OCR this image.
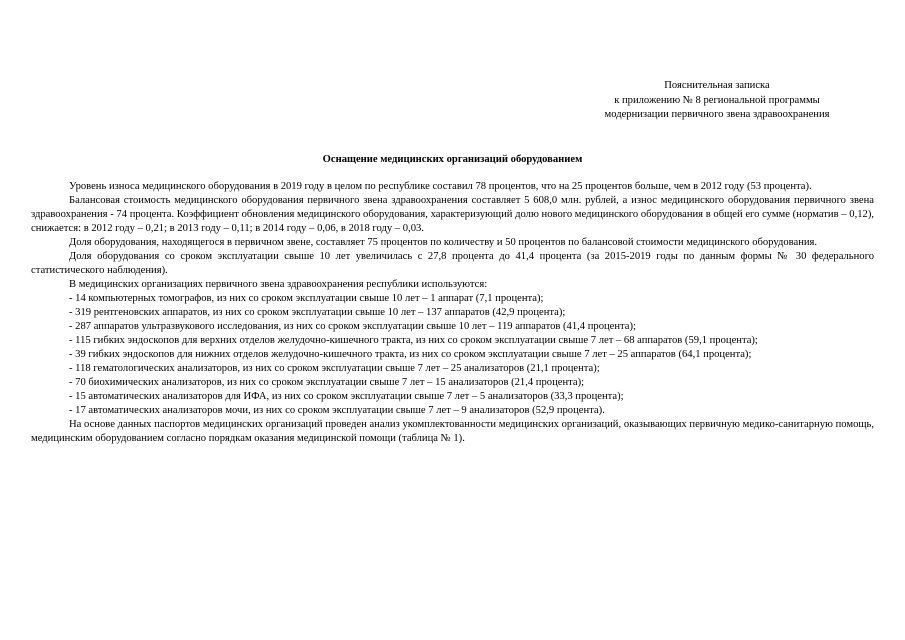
Пояснительная записка
к приложению № 8 региональной программы
модернизации первичного звена здравоохранения
Оснащение медицинских организаций оборудованием

Уровень износа медицинского оборудования в 2019 году в целом по республике составил 78 процентов, что на 25 процентов больше, чем в 2012 году (53 процента).

Балансовая стоимость медицинского оборудования первичного звена здравоохранения составляет 5 608,0 млн. рублей, а износ медицинского оборудования первичного звена здравоохранения - 74 процента. Коэффициент обновления медицинского оборудования, характеризующий долю нового медицинского оборудования в общей его сумме (норматив – 0,12), снижается: в 2012 году – 0,21; в 2013 году – 0,11; в 2014 году – 0,06, в 2018 году – 0,03.

Доля оборудования, находящегося в первичном звене, составляет 75 процентов по количеству и 50 процентов по балансовой стоимости медицинского оборудования.

Доля оборудования со сроком эксплуатации свыше 10 лет увеличилась с 27,8 процента до 41,4 процента (за 2015-2019 годы по данным формы № 30 федерального статистического наблюдения).

В медицинских организациях первичного звена здравоохранения республики используются:

- 14 компьютерных томографов, из них со сроком эксплуатации свыше 10 лет – 1 аппарат (7,1 процента);

- 319 рентгеновских аппаратов, из них со сроком эксплуатации свыше 10 лет – 137 аппаратов (42,9 процента);

- 287 аппаратов ультразвукового исследования, из них со сроком эксплуатации свыше 10 лет – 119 аппаратов (41,4 процента);

- 115 гибких эндоскопов для верхних отделов желудочно-кишечного тракта, из них со сроком эксплуатации свыше 7 лет – 68 аппаратов (59,1 процента);

- 39 гибких эндоскопов для нижних отделов желудочно-кишечного тракта, из них со сроком эксплуатации свыше 7 лет – 25 аппаратов (64,1 процента);

- 118 гематологических анализаторов, из них со сроком эксплуатации свыше 7 лет – 25 анализаторов (21,1 процента);

- 70 биохимических анализаторов, из них со сроком эксплуатации свыше 7 лет – 15 анализаторов (21,4 процента);

- 15 автоматических анализаторов для ИФА, из них со сроком эксплуатации свыше 7 лет – 5 анализаторов (33,3 процента);

- 17 автоматических анализаторов мочи, из них со сроком эксплуатации свыше 7 лет – 9 анализаторов (52,9 процента).

На основе данных паспортов медицинских организаций проведен анализ укомплектованности медицинских организаций, оказывающих первичную медико-санитарную помощь, медицинским оборудованием согласно порядкам оказания медицинской помощи (таблица № 1).
